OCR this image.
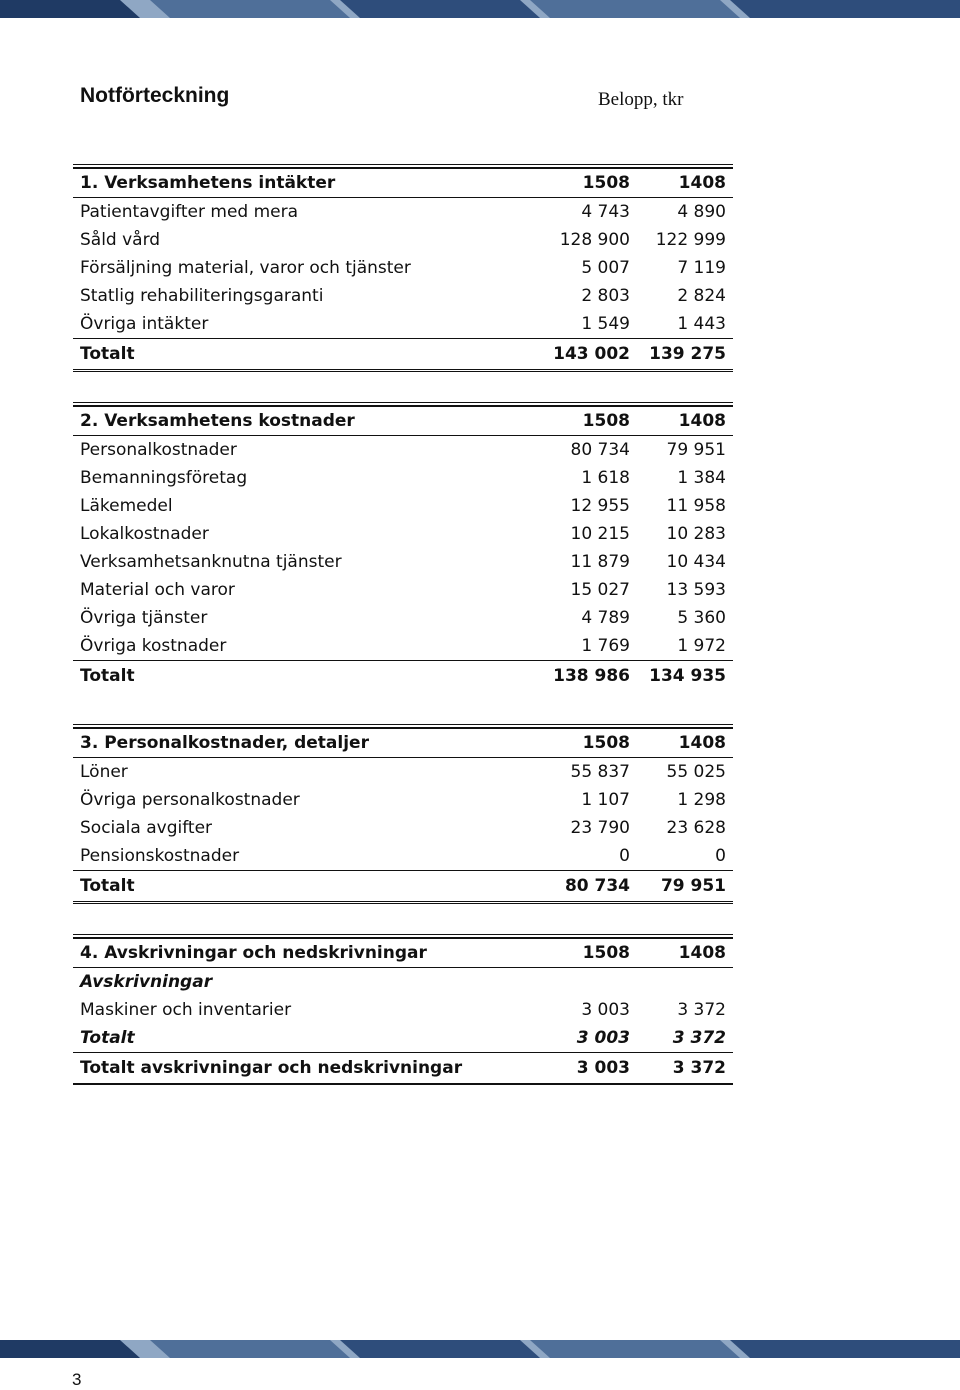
Notförteckning	Belopp, tkr
1. Verksamhetens intäkter	1508	1408
Patientavgifter med mera	4 743	4 890
Såld vård	128 900	122 999
Försäljning material, varor och tjänster	5 007	7 119
Statlig rehabiliteringsgaranti	2 803	2 824
Övriga intäkter	1 549	1 443
Totalt	143 002	139 275
2. Verksamhetens kostnader	1508	1408
Personalkostnader	80 734	79 951
Bemanningsföretag	1 618	1 384
Läkemedel	12 955	11 958
Lokalkostnader	10 215	10 283
Verksamhetsanknutna tjänster	11 879	10 434
Material och varor	15 027	13 593
Övriga tjänster	4 789	5 360
Övriga kostnader	1 769	1 972
Totalt	138 986	134 935
3. Personalkostnader, detaljer	1508	1408
Löner	55 837	55 025
Övriga personalkostnader	1 107	1 298
Sociala avgifter	23 790	23 628
Pensionskostnader	0	0
Totalt	80 734	79 951
4. Avskrivningar och nedskrivningar	1508	1408
Avskrivningar
Maskiner och inventarier	3 003	3 372
Totalt	3 003	3 372
Totalt avskrivningar och nedskrivningar	3 003	3 372
3
